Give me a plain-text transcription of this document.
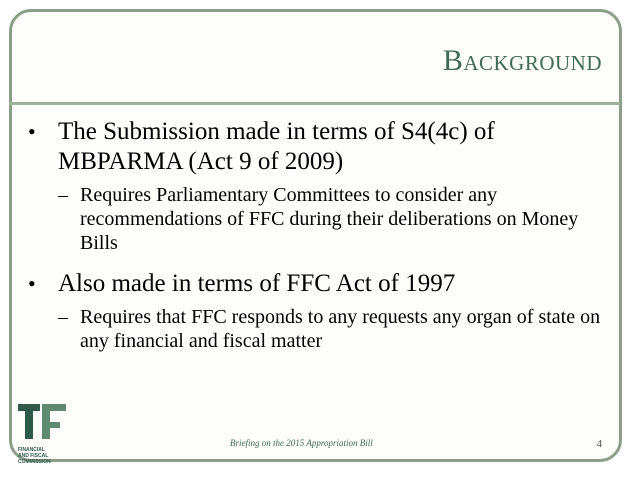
Background
• The Submission made in terms of S4(4c) of MBPARMA (Act 9 of 2009)
– Requires Parliamentary Committees to consider any recommendations of FFC during their deliberations on Money Bills
• Also made in terms of FFC Act of 1997
– Requires that FFC responds to any requests any organ of state on any financial and fiscal matter
FINANCIAL
AND FISCAL
COMMISSION
Briefing on the 2015 Appropriation Bill	4
